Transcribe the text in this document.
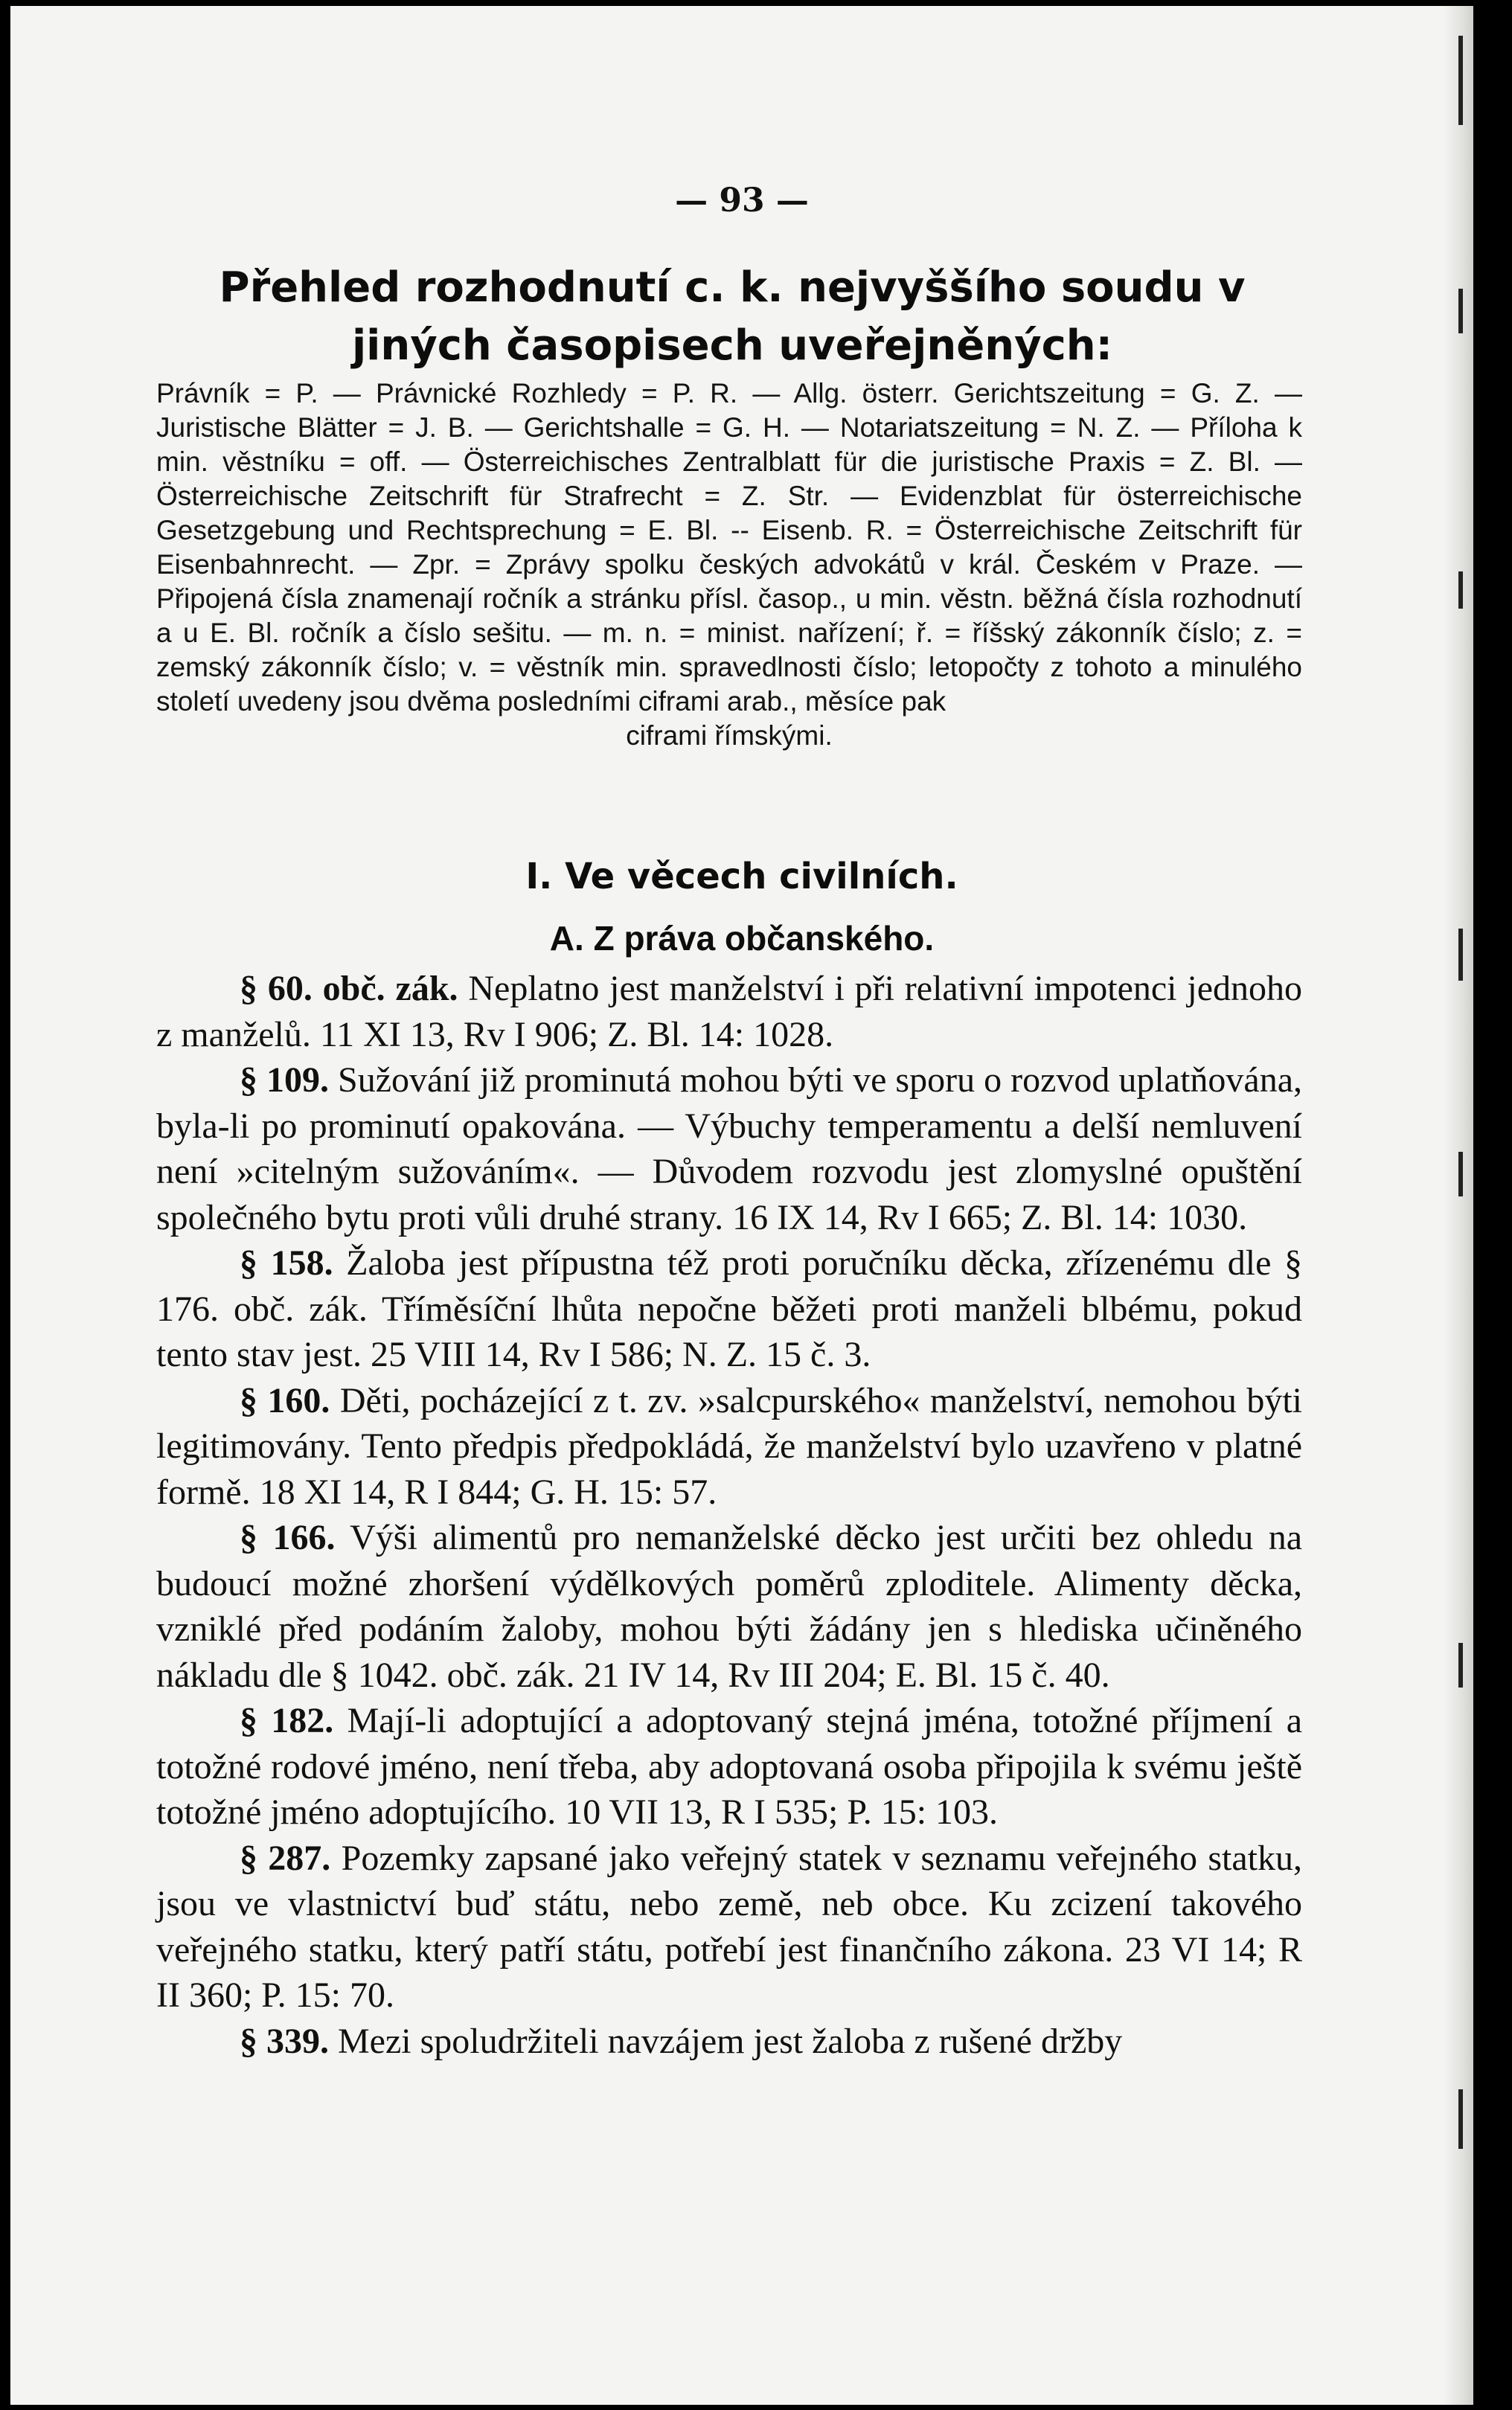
— 93 —
Přehled rozhodnutí c. k. nejvyššího soudu v jiných časopisech uveřejněných:
Právník = P. — Právnické Rozhledy = P. R. — Allg. österr. Gerichtszeitung = G. Z. — Juristische Blätter = J. B. — Gerichtshalle = G. H. — Notariatszeitung = N. Z. — Příloha k min. věstníku = off. — Österreichisches Zentralblatt für die juristische Praxis = Z. Bl. — Österreichische Zeitschrift für Strafrecht = Z. Str. — Evidenzblat für österreichische Gesetzgebung und Rechtsprechung = E. Bl. -- Eisenb. R. = Österreichische Zeitschrift für Eisenbahnrecht. — Zpr. = Zprávy spolku českých advokátů v král. Českém v Praze. — Připojená čísla znamenají ročník a stránku přísl. časop., u min. věstn. běžná čísla rozhodnutí a u E. Bl. ročník a číslo sešitu. — m. n. = minist. nařízení; ř. = říšský zákonník číslo; z. = zemský zákonník číslo; v. = věstník min. spravedlnosti číslo; letopočty z tohoto a minulého století uvedeny jsou dvěma posledními ciframi arab., měsíce pak
ciframi římskými.
I. Ve věcech civilních.
A. Z práva občanského.

§ 60. obč. zák. Neplatno jest manželství i při relativní impotenci jednoho z manželů. 11 XI 13, Rv I 906; Z. Bl. 14: 1028.

§ 109. Sužování již prominutá mohou býti ve sporu o rozvod uplatňována, byla-li po prominutí opakována. — Výbuchy temperamentu a delší nemluvení není »citelným sužováním«. — Důvodem rozvodu jest zlomyslné opuštění společného bytu proti vůli druhé strany. 16 IX 14, Rv I 665; Z. Bl. 14: 1030.

§ 158. Žaloba jest přípustna též proti poručníku děcka, zřízenému dle § 176. obč. zák. Tříměsíční lhůta nepočne běžeti proti manželi blbému, pokud tento stav jest. 25 VIII 14, Rv I 586; N. Z. 15 č. 3.

§ 160. Děti, pocházející z t. zv. »salcpurského« manželství, nemohou býti legitimovány. Tento předpis předpokládá, že manželství bylo uzavřeno v platné formě. 18 XI 14, R I 844; G. H. 15: 57.

§ 166. Výši alimentů pro nemanželské děcko jest určiti bez ohledu na budoucí možné zhoršení výdělkových poměrů zploditele. Alimenty děcka, vzniklé před podáním žaloby, mohou býti žádány jen s hlediska učiněného nákladu dle § 1042. obč. zák. 21 IV 14, Rv III 204; E. Bl. 15 č. 40.

§ 182. Mají-li adoptující a adoptovaný stejná jména, totožné příjmení a totožné rodové jméno, není třeba, aby adoptovaná osoba připojila k svému ještě totožné jméno adoptujícího. 10 VII 13, R I 535; P. 15: 103.

§ 287. Pozemky zapsané jako veřejný statek v seznamu veřejného statku, jsou ve vlastnictví buď státu, nebo země, neb obce. Ku zcizení takového veřejného statku, který patří státu, potřebí jest finančního zákona. 23 VI 14; R II 360; P. 15: 70.

§ 339. Mezi spoludržiteli navzájem jest žaloba z rušené držby
